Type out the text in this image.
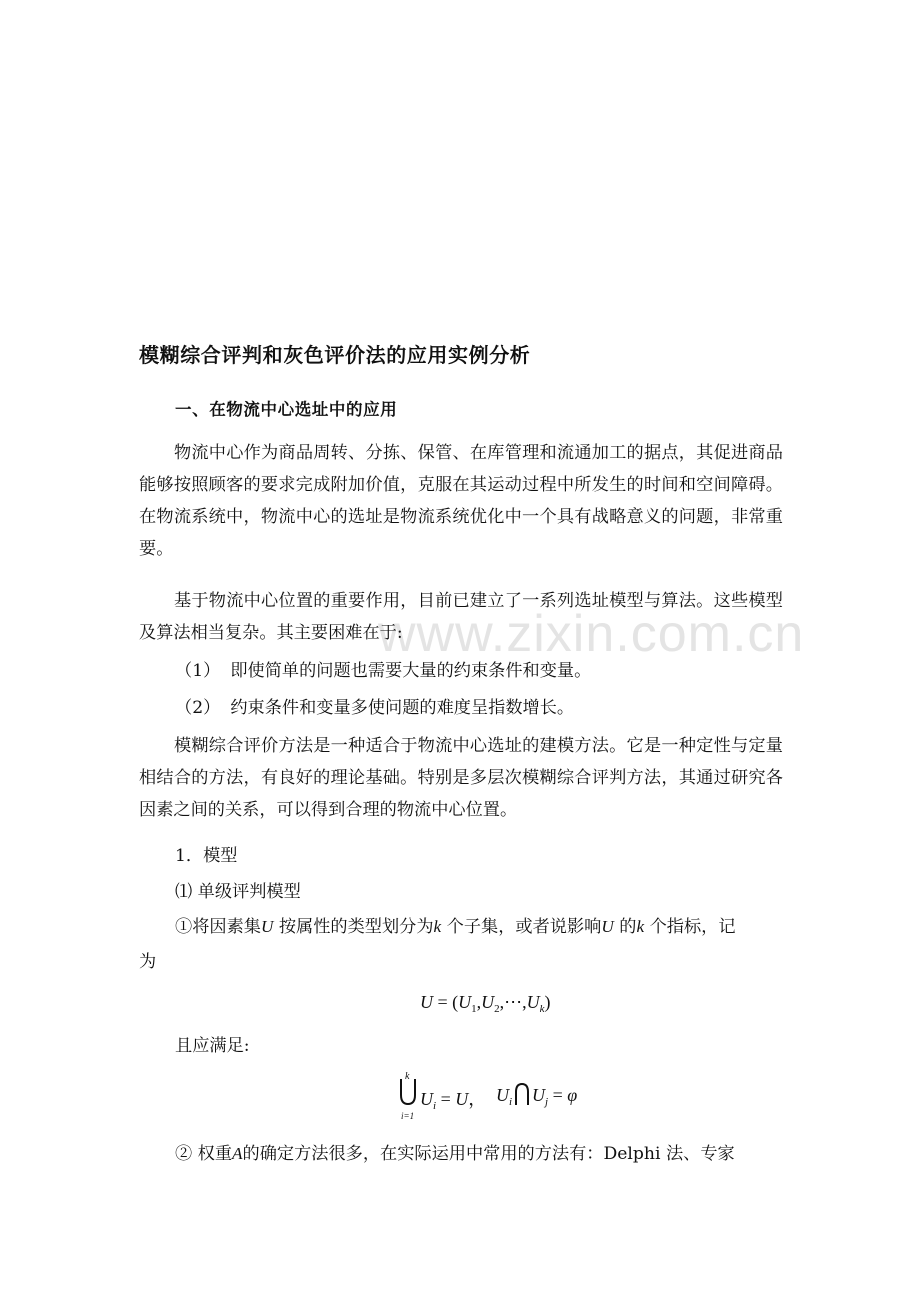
www.zixin.com.cn
模糊综合评判和灰色评价法的应用实例分析
一、在物流中心选址中的应用

物流中心作为商品周转、分拣、保管、在库管理和流通加工的据点，其促进商品能够按照顾客的要求完成附加价值，克服在其运动过程中所发生的时间和空间障碍。在物流系统中，物流中心的选址是物流系统优化中一个具有战略意义的问题，非常重要。

基于物流中心位置的重要作用，目前已建立了一系列选址模型与算法。这些模型及算法相当复杂。其主要困难在于:

（1） 即使简单的问题也需要大量的约束条件和变量。
（2） 约束条件和变量多使问题的难度呈指数增长。

模糊综合评价方法是一种适合于物流中心选址的建模方法。它是一种定性与定量相结合的方法，有良好的理论基础。特别是多层次模糊综合评判方法，其通过研究各因素之间的关系，可以得到合理的物流中心位置。

1．模型
⑴ 单级评判模型
①将因素集U 按属性的类型划分为k 个子集，或者说影响U 的k 个指标，记
为
$U = (U_1,U_2,\cdots,U_k)$
且应满足:
k
i=1
$U_i = U$， $U_i$ $U_j = \varphi$
② 权重A的确定方法很多，在实际运用中常用的方法有：Delphi 法、专家
